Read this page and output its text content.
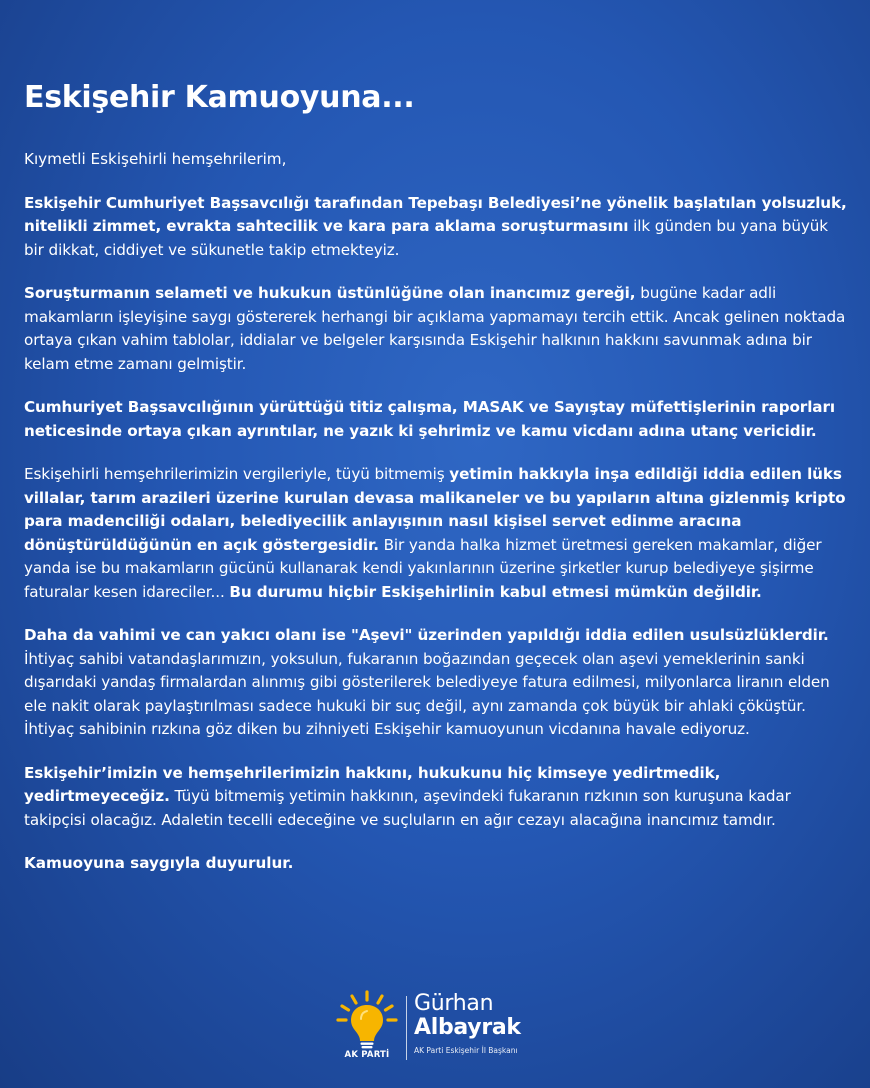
Eskişehir Kamuoyuna...

Kıymetli Eskişehirli hemşehrilerim,

Eskişehir Cumhuriyet Başsavcılığı tarafından Tepebaşı Belediyesi’ne yönelik başlatılan yolsuzluk, nitelikli zimmet, evrakta sahtecilik ve kara para aklama soruşturmasını ilk günden bu yana büyük bir dikkat, ciddiyet ve sükunetle takip etmekteyiz.

Soruşturmanın selameti ve hukukun üstünlüğüne olan inancımız gereği, bugüne kadar adli makamların işleyişine saygı göstererek herhangi bir açıklama yapmamayı tercih ettik. Ancak gelinen noktada ortaya çıkan vahim tablolar, iddialar ve belgeler karşısında Eskişehir halkının hakkını savunmak adına bir kelam etme zamanı gelmiştir.

Cumhuriyet Başsavcılığının yürüttüğü titiz çalışma, MASAK ve Sayıştay müfettişlerinin raporları neticesinde ortaya çıkan ayrıntılar, ne yazık ki şehrimiz ve kamu vicdanı adına utanç vericidir.

Eskişehirli hemşehrilerimizin vergileriyle, tüyü bitmemiş yetimin hakkıyla inşa edildiği iddia edilen lüks villalar, tarım arazileri üzerine kurulan devasa malikaneler ve bu yapıların altına gizlenmiş kripto para madenciliği odaları, belediyecilik anlayışının nasıl kişisel servet edinme aracına dönüştürüldüğünün en açık göstergesidir. Bir yanda halka hizmet üretmesi gereken makamlar, diğer yanda ise bu makamların gücünü kullanarak kendi yakınlarının üzerine şirketler kurup belediyeye şişirme faturalar kesen idareciler... Bu durumu hiçbir Eskişehirlinin kabul etmesi mümkün değildir.

Daha da vahimi ve can yakıcı olanı ise "Aşevi" üzerinden yapıldığı iddia edilen usulsüzlüklerdir. İhtiyaç sahibi vatandaşlarımızın, yoksulun, fukaranın boğazından geçecek olan aşevi yemeklerinin sanki dışarıdaki yandaş firmalardan alınmış gibi gösterilerek belediyeye fatura edilmesi, milyonlarca liranın elden ele nakit olarak paylaştırılması sadece hukuki bir suç değil, aynı zamanda çok büyük bir ahlaki çöküştür. İhtiyaç sahibinin rızkına göz diken bu zihniyeti Eskişehir kamuoyunun vicdanına havale ediyoruz.

Eskişehir’imizin ve hemşehrilerimizin hakkını, hukukunu hiç kimseye yedirtmedik, yedirtmeyeceğiz. Tüyü bitmemiş yetimin hakkının, aşevindeki fukaranın rızkının son kuruşuna kadar takipçisi olacağız. Adaletin tecelli edeceğine ve suçluların en ağır cezayı alacağına inancımız tamdır.

Kamuoyuna saygıyla duyurulur.

AK PARTİ
Gürhan
Albayrak
AK Parti Eskişehir İl Başkanı
